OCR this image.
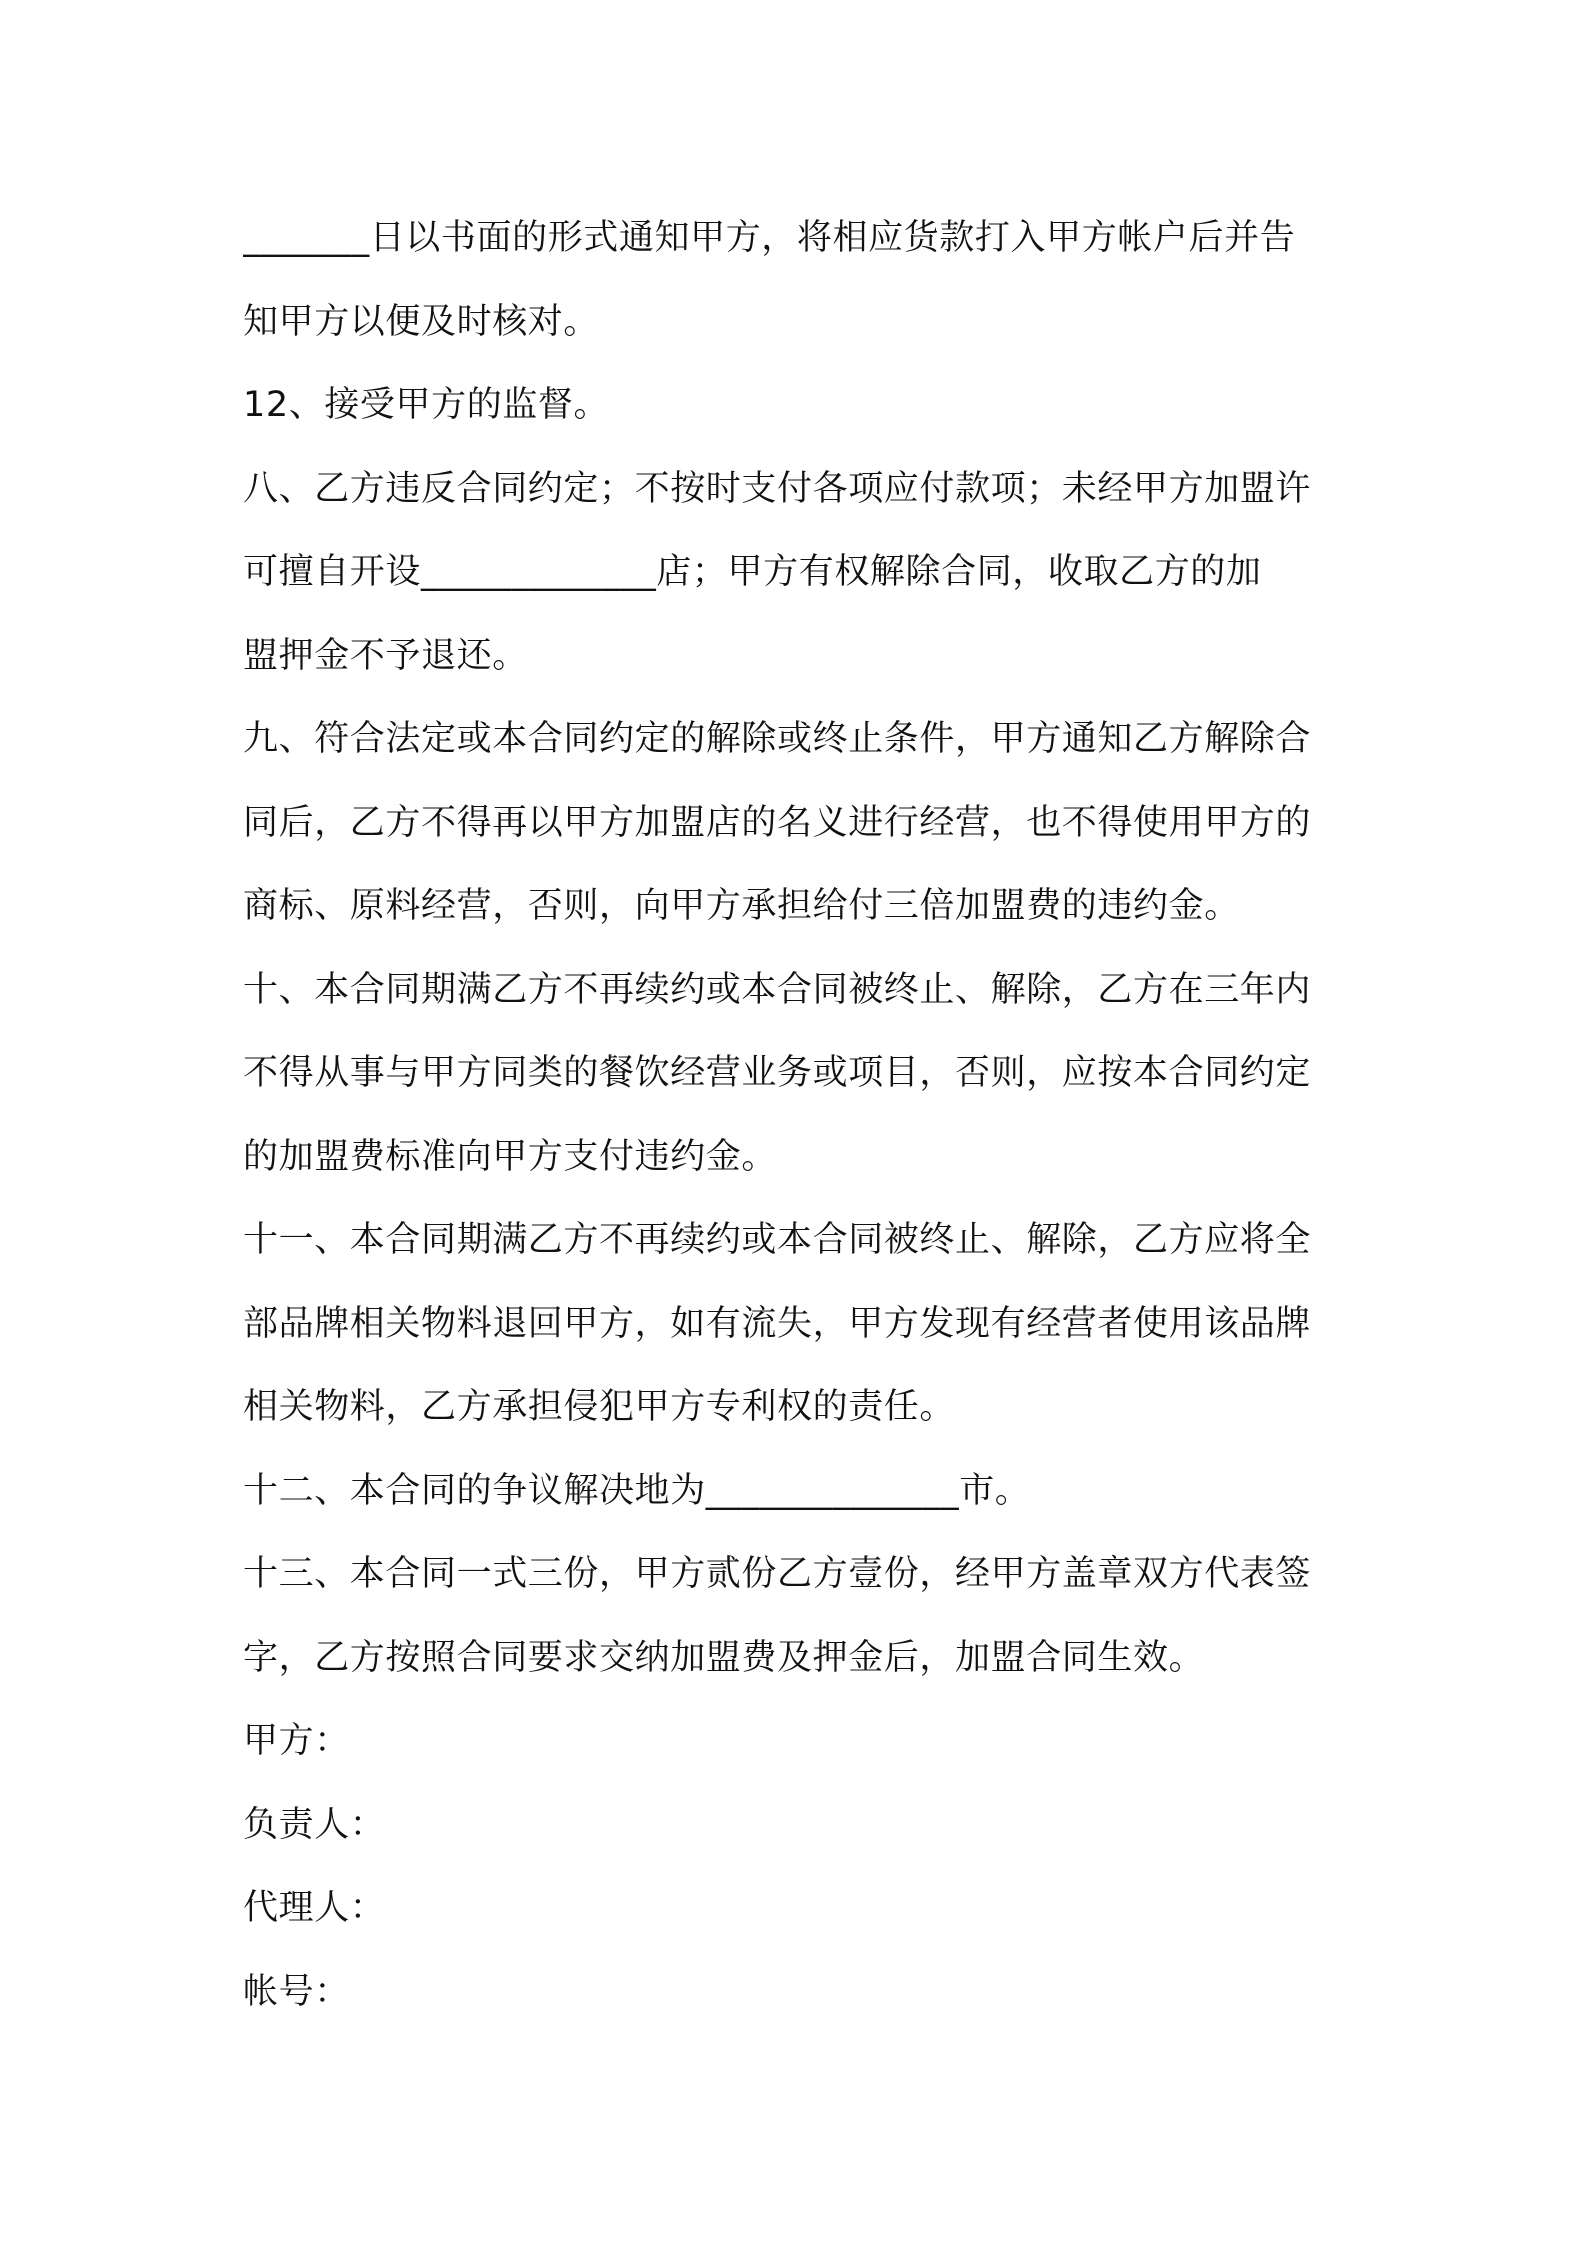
_______日以书面的形式通知甲方，将相应货款打入甲方帐户后并告
知甲方以便及时核对。
12、接受甲方的监督。
八、乙方违反合同约定；不按时支付各项应付款项；未经甲方加盟许
可擅自开设_____________店；甲方有权解除合同，收取乙方的加
盟押金不予退还。
九、符合法定或本合同约定的解除或终止条件，甲方通知乙方解除合
同后，乙方不得再以甲方加盟店的名义进行经营，也不得使用甲方的
商标、原料经营，否则，向甲方承担给付三倍加盟费的违约金。
十、本合同期满乙方不再续约或本合同被终止、解除，乙方在三年内
不得从事与甲方同类的餐饮经营业务或项目，否则，应按本合同约定
的加盟费标准向甲方支付违约金。
十一、本合同期满乙方不再续约或本合同被终止、解除，乙方应将全
部品牌相关物料退回甲方，如有流失，甲方发现有经营者使用该品牌
相关物料，乙方承担侵犯甲方专利权的责任。
十二、本合同的争议解决地为______________市。
十三、本合同一式三份，甲方贰份乙方壹份，经甲方盖章双方代表签
字，乙方按照合同要求交纳加盟费及押金后，加盟合同生效。
甲方：
负责人：
代理人：
帐号：
